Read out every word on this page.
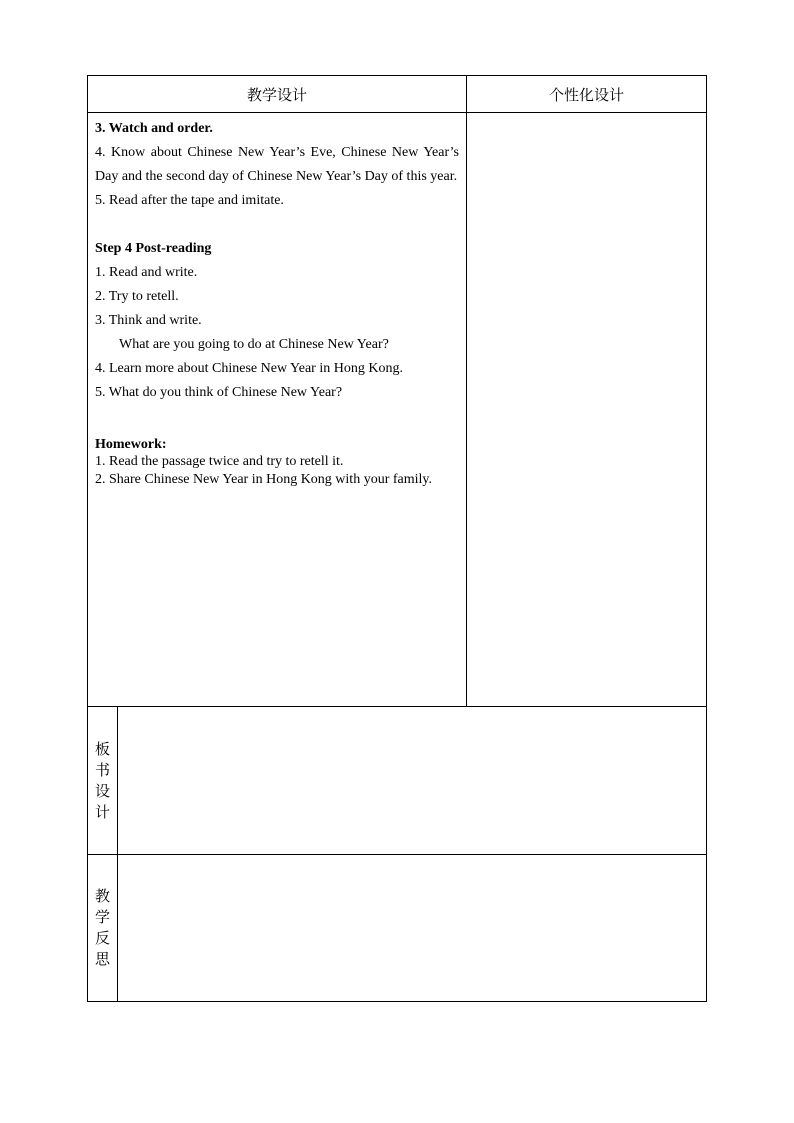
教学设计	个性化设计

3. Watch and order.

4. Know about Chinese New Year’s Eve, Chinese New Year’s Day and the second day of Chinese New Year’s Day of this year.

5. Read after the tape and imitate.

Step 4 Post-reading

1. Read and write.

2. Try to retell.

3. Think and write.

What are you going to do at Chinese New Year?

4. Learn more about Chinese New Year in Hong Kong.

5. What do you think of Chinese New Year?

Homework:

1. Read the passage twice and try to retell it.

2. Share Chinese New Year in Hong Kong with your family.

板
书
设
计
教
学
反
思
